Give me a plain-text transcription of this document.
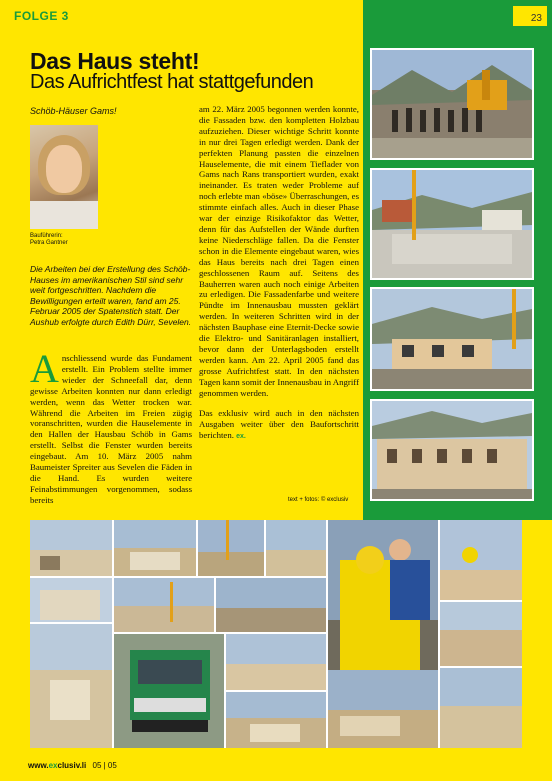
FOLGE 3	23
Das Haus steht!
Das Aufrichtfest hat stattgefunden
Schöb-Häuser Gams!
Bauführerin:
Petra Gantner
Die Arbeiten bei der Erstellung des Schöb-Hauses im amerikanischen Stil sind sehr weit fortgeschritten. Nachdem die Bewilligungen erteilt waren, fand am 25. Februar 2005 der Spatenstich statt. Der Aushub erfolgte durch Edith Dürr, Sevelen.
Anschliessend wurde das Fundament erstellt. Ein Problem stellte immer wieder der Schneefall dar, denn gewisse Arbeiten konnten nur dann erledigt werden, wenn das Wetter trocken war. Während die Arbeiten im Freien zügig voranschritten, wurden die Hauselemente in den Hallen der Hausbau Schöb in Gams erstellt. Selbst die Fenster wurden bereits eingebaut. Am 10. März 2005 nahm Baumeister Spreiter aus Sevelen die Fäden in die Hand. Es wurden weitere Feinabstimmungen vorgenommen, sodass bereits

am 22. März 2005 begonnen werden konnte, die Fassaden bzw. den kompletten Holzbau aufzuziehen. Dieser wichtige Schritt konnte in nur drei Tagen erledigt werden. Dank der perfekten Planung passten die einzelnen Hauselemente, die mit einem Tieflader von Gams nach Rans transportiert wurden, exakt ineinander. Es traten weder Probleme auf noch erlebte man «böse» Überraschungen, es stimmte einfach alles. Auch in dieser Phase war der einzige Risikofaktor das Wetter, denn für das Aufstellen der Wände durften keine Niederschläge fallen. Da die Fenster schon in die Elemente eingebaut waren, wies das Haus bereits nach drei Tagen einen geschlossenen Raum auf. Seitens des Bauherren waren auch noch einige Arbeiten zu erledigen. Die Fassadenfarbe und weitere Pündte im Innenausbau mussten geklärt werden. In weiteren Schritten wird in der nächsten Bauphase eine Eternit-Decke sowie die Elektro- und Sanitäranlagen installiert, bevor dann der Unterlagsboden erstellt werden kann. Am 22. April 2005 fand das grosse Aufrichtfest statt. In den nächsten Tagen kann somit der Innenausbau in Angriff genommen werden.

Das exklusiv wird auch in den nächsten Ausgaben weiter über den Baufortschritt berichten. ex.

text + fotos: © exclusiv
www.exclusiv.li 05 | 05
